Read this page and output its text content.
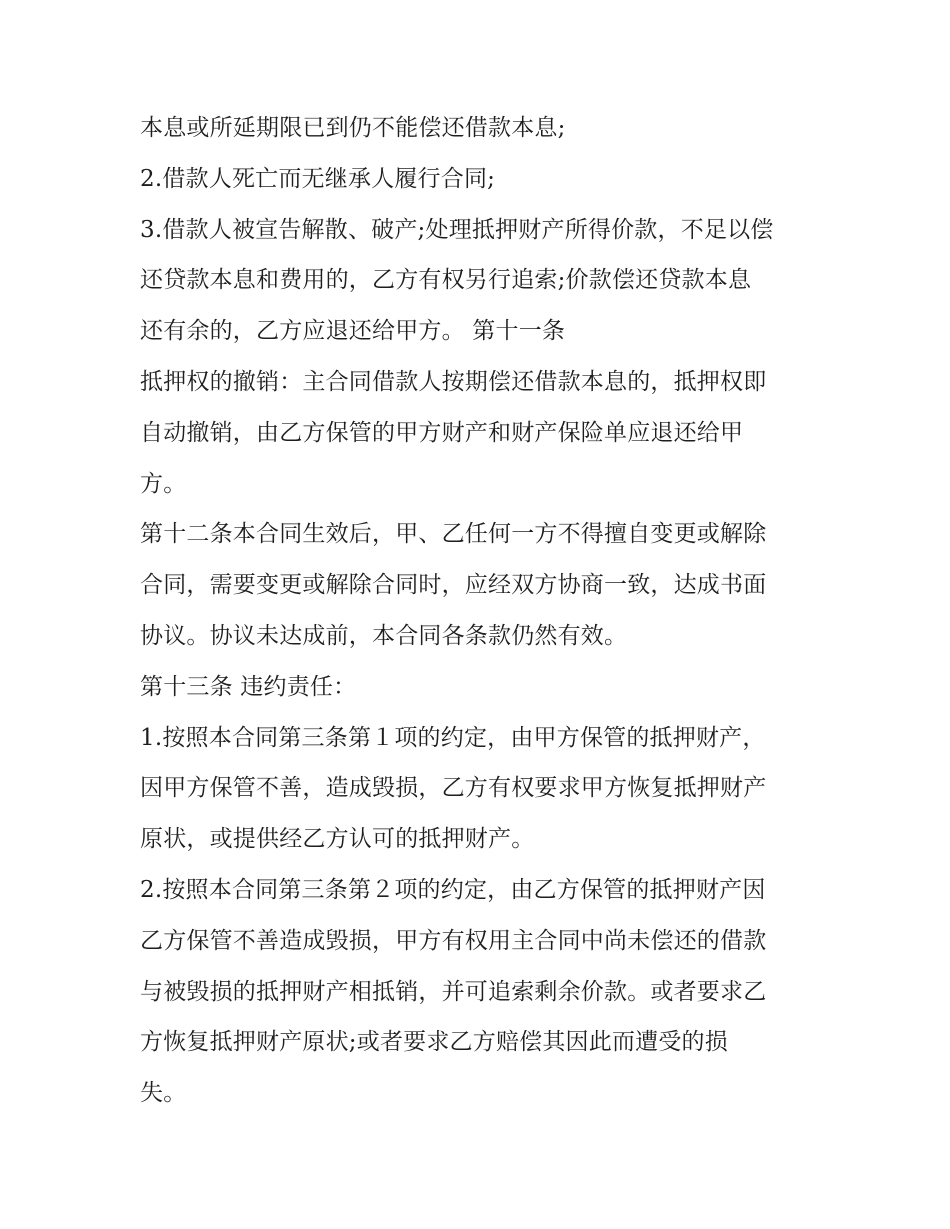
本息或所延期限已到仍不能偿还借款本息;
2.借款人死亡而无继承人履行合同;
3.借款人被宣告解散、破产;处理抵押财产所得价款，不足以偿
还贷款本息和费用的，乙方有权另行追索;价款偿还贷款本息
还有余的，乙方应退还给甲方。 第十一条
抵押权的撤销：主合同借款人按期偿还借款本息的，抵押权即
自动撤销，由乙方保管的甲方财产和财产保险单应退还给甲
方。
第十二条本合同生效后，甲、乙任何一方不得擅自变更或解除
合同，需要变更或解除合同时，应经双方协商一致，达成书面
协议。协议未达成前，本合同各条款仍然有效。
第十三条 违约责任：
1.按照本合同第三条第１项的约定，由甲方保管的抵押财产，
因甲方保管不善，造成毁损，乙方有权要求甲方恢复抵押财产
原状，或提供经乙方认可的抵押财产。
2.按照本合同第三条第２项的约定，由乙方保管的抵押财产因
乙方保管不善造成毁损，甲方有权用主合同中尚未偿还的借款
与被毁损的抵押财产相抵销，并可追索剩余价款。或者要求乙
方恢复抵押财产原状;或者要求乙方赔偿其因此而遭受的损
失。
